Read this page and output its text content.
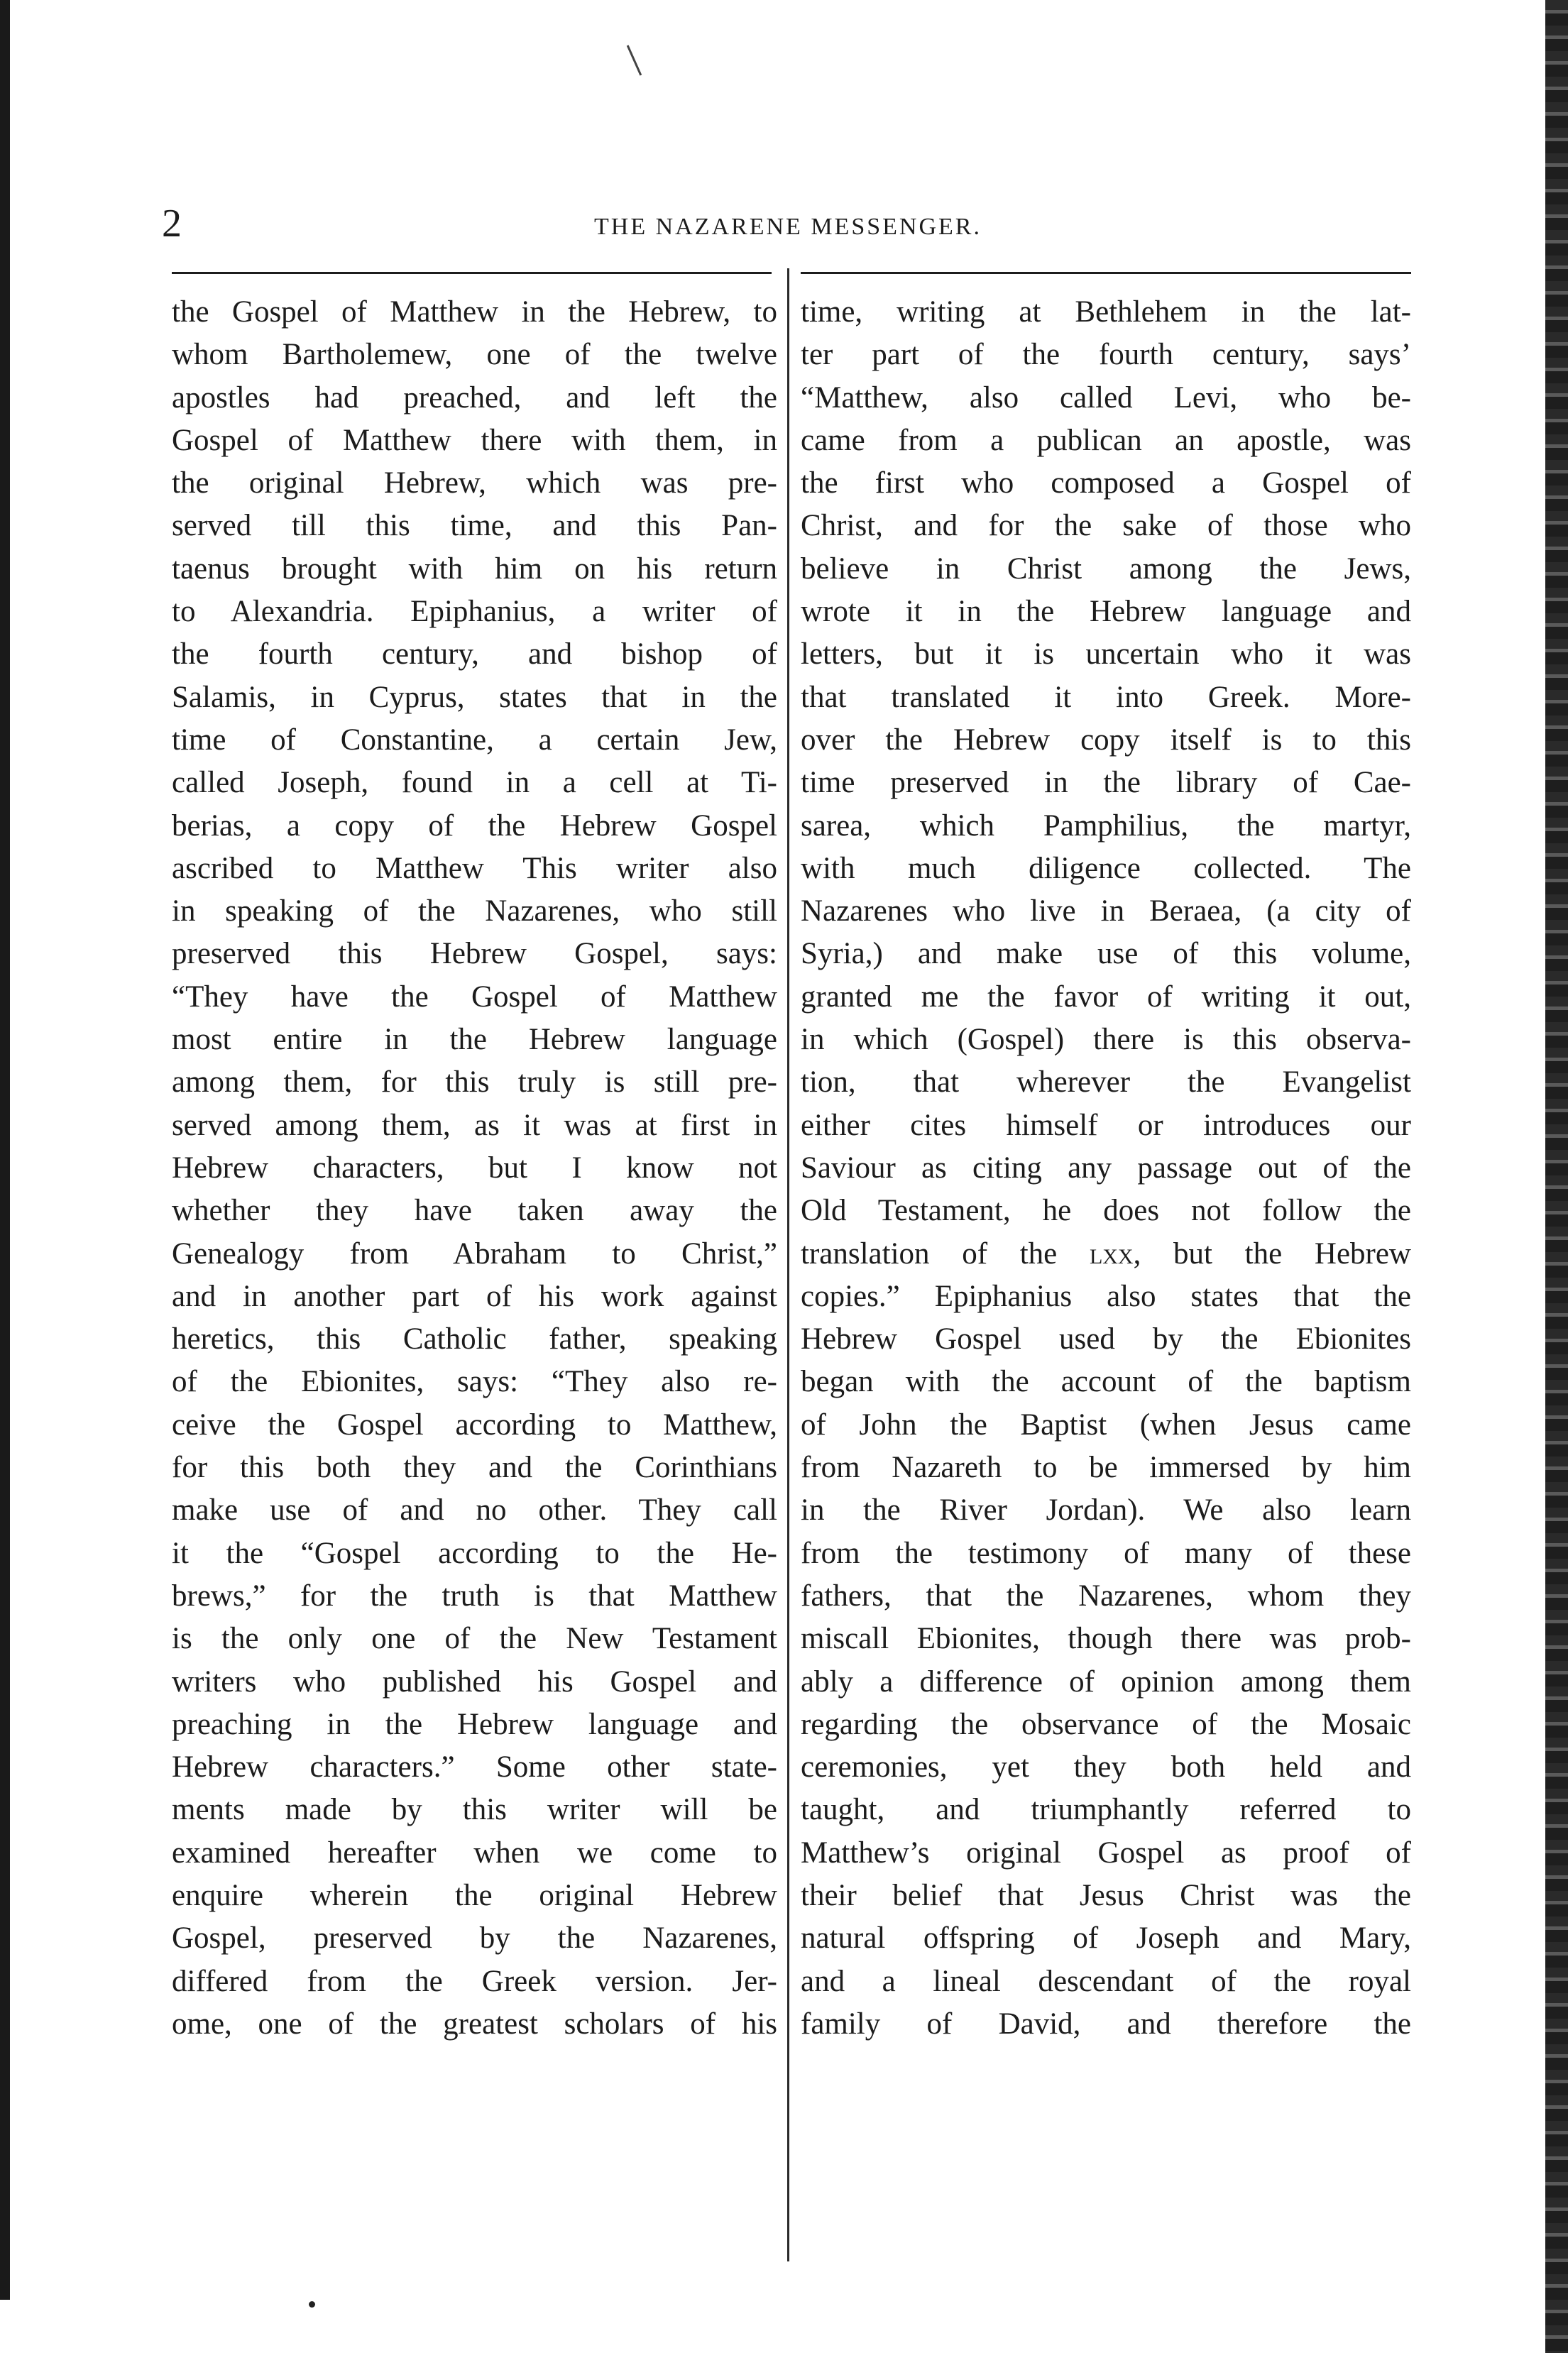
2	THE NAZARENE MESSENGER.
the Gospel of Matthew in the Hebrew, to
whom Bartholemew, one of the twelve
apostles had preached, and left the
Gospel of Matthew there with them, in
the original Hebrew, which was pre-
served till this time, and this Pan-
taenus brought with him on his return
to Alexandria. Epiphanius, a writer of
the fourth century, and bishop of
Salamis, in Cyprus, states that in the
time of Constantine, a certain Jew,
called Joseph, found in a cell at Ti-
berias, a copy of the Hebrew Gospel
ascribed to Matthew This writer also
in speaking of the Nazarenes, who still
preserved this Hebrew Gospel, says:
“They have the Gospel of Matthew
most entire in the Hebrew language
among them, for this truly is still pre-
served among them, as it was at first in
Hebrew characters, but I know not
whether they have taken away the
Genealogy from Abraham to Christ,”
and in another part of his work against
heretics, this Catholic father, speaking
of the Ebionites, says: “They also re-
ceive the Gospel according to Matthew,
for this both they and the Corinthians
make use of and no other. They call
it the “Gospel according to the He-
brews,” for the truth is that Matthew
is the only one of the New Testament
writers who published his Gospel and
preaching in the Hebrew language and
Hebrew characters.” Some other state-
ments made by this writer will be
examined hereafter when we come to
enquire wherein the original Hebrew
Gospel, preserved by the Nazarenes,
differed from the Greek version. Jer-
ome, one of the greatest scholars of his
time, writing at Bethlehem in the lat-
ter part of the fourth century, says’
“Matthew, also called Levi, who be-
came from a publican an apostle, was
the first who composed a Gospel of
Christ, and for the sake of those who
believe in Christ among the Jews,
wrote it in the Hebrew language and
letters, but it is uncertain who it was
that translated it into Greek. More-
over the Hebrew copy itself is to this
time preserved in the library of Cae-
sarea, which Pamphilius, the martyr,
with much diligence collected. The
Nazarenes who live in Beraea, (a city of
Syria,) and make use of this volume,
granted me the favor of writing it out,
in which (Gospel) there is this observa-
tion, that wherever the Evangelist
either cites himself or introduces our
Saviour as citing any passage out of the
Old Testament, he does not follow the
translation of the lxx, but the Hebrew
copies.” Epiphanius also states that the
Hebrew Gospel used by the Ebionites
began with the account of the baptism
of John the Baptist (when Jesus came
from Nazareth to be immersed by him
in the River Jordan). We also learn
from the testimony of many of these
fathers, that the Nazarenes, whom they
miscall Ebionites, though there was prob-
ably a difference of opinion among them
regarding the observance of the Mosaic
ceremonies, yet they both held and
taught, and triumphantly referred to
Matthew’s original Gospel as proof of
their belief that Jesus Christ was the
natural offspring of Joseph and Mary,
and a lineal descendant of the royal
family of David, and therefore the
